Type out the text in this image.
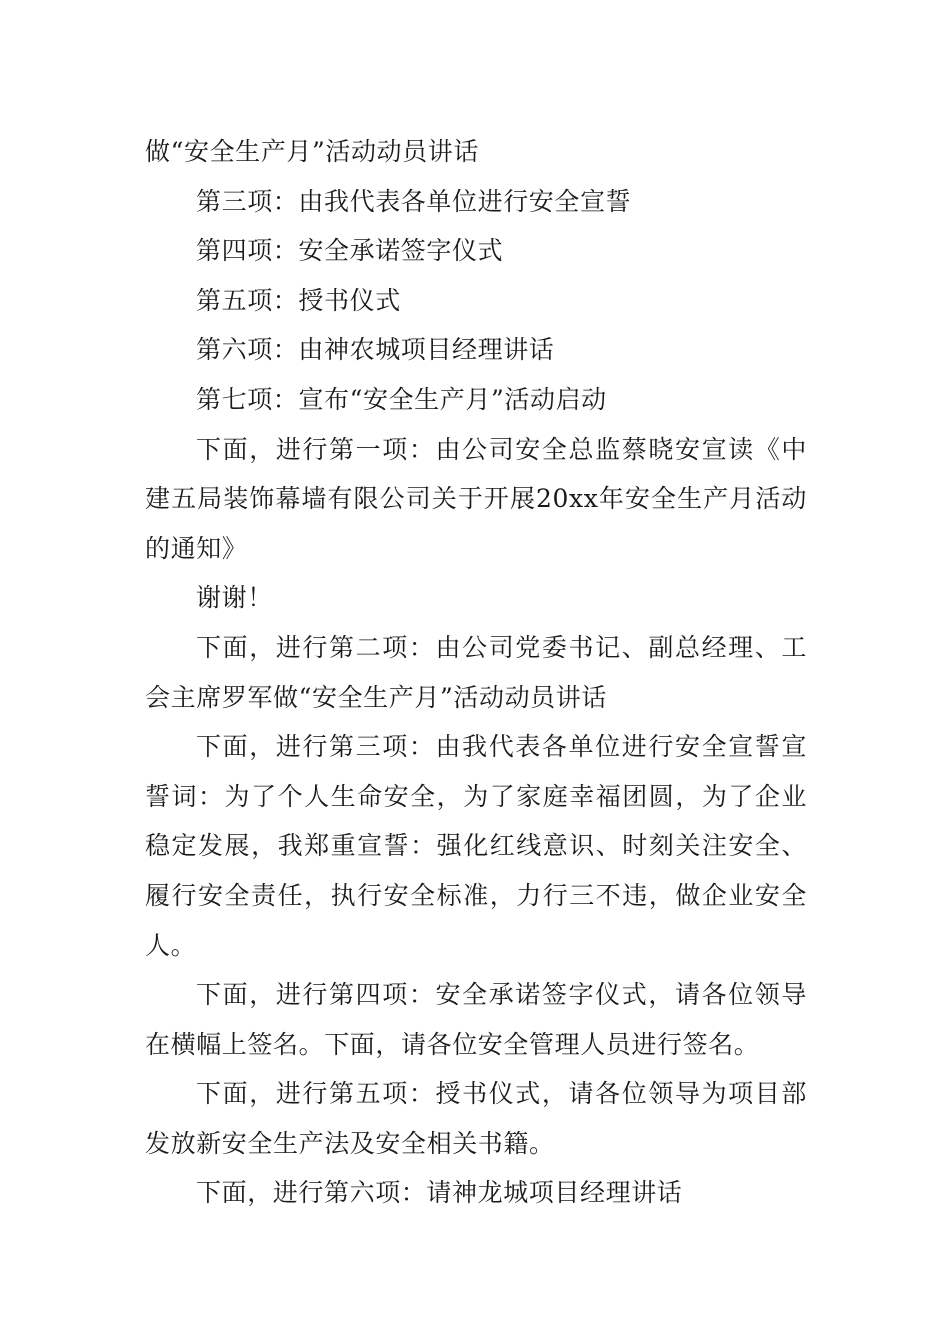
做“安全生产月”活动动员讲话

第三项：由我代表各单位进行安全宣誓

第四项：安全承诺签字仪式

第五项：授书仪式

第六项：由神农城项目经理讲话

第七项：宣布“安全生产月”活动启动

下面，进行第一项：由公司安全总监蔡晓安宣读《中建五局装饰幕墙有限公司关于开展20xx年安全生产月活动的通知》

谢谢！

下面，进行第二项：由公司党委书记、副总经理、工会主席罗军做“安全生产月”活动动员讲话

下面，进行第三项：由我代表各单位进行安全宣誓宣誓词：为了个人生命安全，为了家庭幸福团圆，为了企业稳定发展，我郑重宣誓：强化红线意识、时刻关注安全、履行安全责任，执行安全标准，力行三不违，做企业安全人。

下面，进行第四项：安全承诺签字仪式，请各位领导在横幅上签名。下面，请各位安全管理人员进行签名。

下面，进行第五项：授书仪式，请各位领导为项目部发放新安全生产法及安全相关书籍。

下面，进行第六项：请神龙城项目经理讲话
